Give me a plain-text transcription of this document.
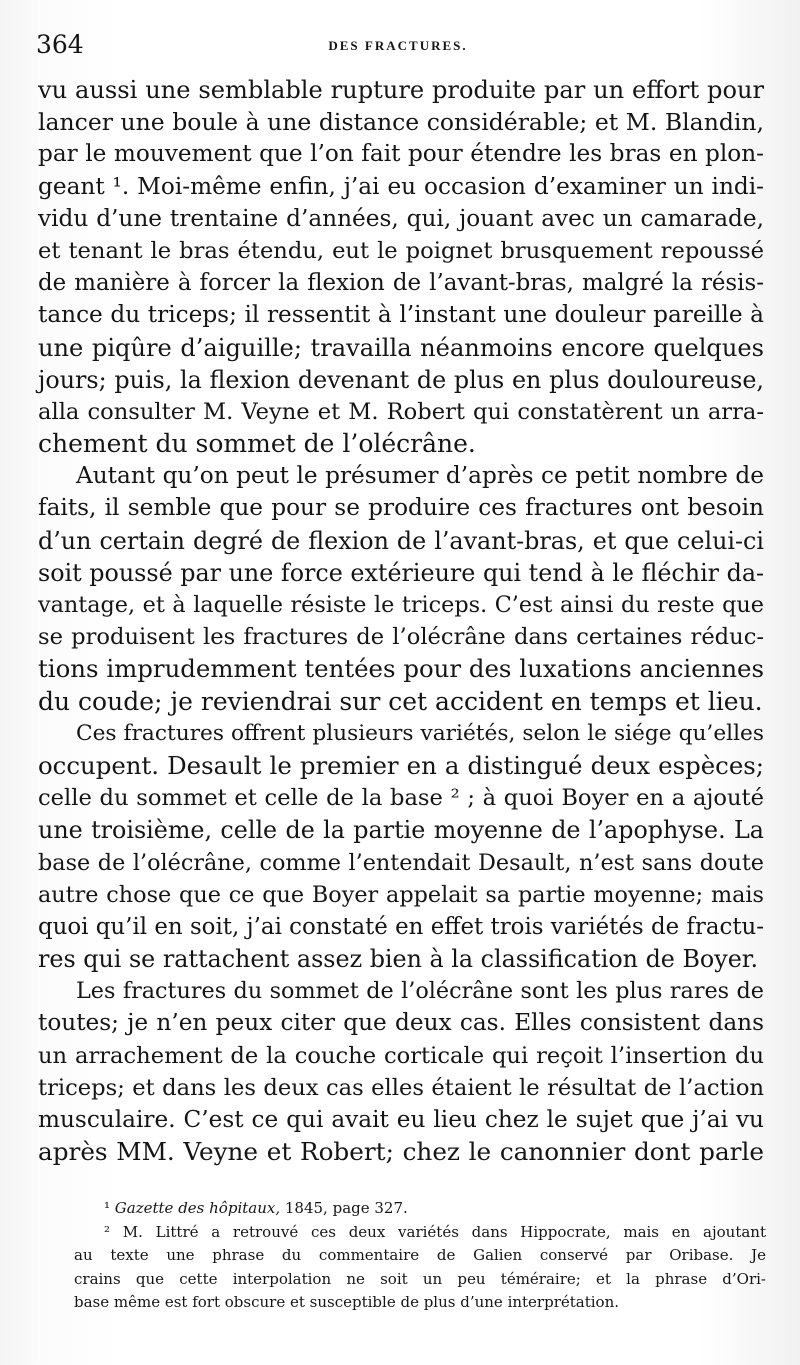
364	DES FRACTURES.
vu aussi une semblable rupture produite par un effort pour
lancer une boule à une distance considérable; et M. Blandin,
par le mouvement que l’on fait pour étendre les bras en plon-
geant ¹. Moi-même enfin, j’ai eu occasion d’examiner un indi-
vidu d’une trentaine d’années, qui, jouant avec un camarade,
et tenant le bras étendu, eut le poignet brusquement repoussé
de manière à forcer la flexion de l’avant-bras, malgré la résis-
tance du triceps; il ressentit à l’instant une douleur pareille à
une piqûre d’aiguille; travailla néanmoins encore quelques
jours; puis, la flexion devenant de plus en plus douloureuse,
alla consulter M. Veyne et M. Robert qui constatèrent un arra-
chement du sommet de l’olécrâne.
Autant qu’on peut le présumer d’après ce petit nombre de
faits, il semble que pour se produire ces fractures ont besoin
d’un certain degré de flexion de l’avant-bras, et que celui-ci
soit poussé par une force extérieure qui tend à le fléchir da-
vantage, et à laquelle résiste le triceps. C’est ainsi du reste que
se produisent les fractures de l’olécrâne dans certaines réduc-
tions imprudemment tentées pour des luxations anciennes
du coude; je reviendrai sur cet accident en temps et lieu.
Ces fractures offrent plusieurs variétés, selon le siége qu’elles
occupent. Desault le premier en a distingué deux espèces;
celle du sommet et celle de la base ² ; à quoi Boyer en a ajouté
une troisième, celle de la partie moyenne de l’apophyse. La
base de l’olécrâne, comme l’entendait Desault, n’est sans doute
autre chose que ce que Boyer appelait sa partie moyenne; mais
quoi qu’il en soit, j’ai constaté en effet trois variétés de fractu-
res qui se rattachent assez bien à la classification de Boyer.
Les fractures du sommet de l’olécrâne sont les plus rares de
toutes; je n’en peux citer que deux cas. Elles consistent dans
un arrachement de la couche corticale qui reçoit l’insertion du
triceps; et dans les deux cas elles étaient le résultat de l’action
musculaire. C’est ce qui avait eu lieu chez le sujet que j’ai vu
après MM. Veyne et Robert; chez le canonnier dont parle
¹ Gazette des hôpitaux, 1845, page 327.
² M. Littré a retrouvé ces deux variétés dans Hippocrate, mais en ajoutant
au texte une phrase du commentaire de Galien conservé par Oribase. Je
crains que cette interpolation ne soit un peu téméraire; et la phrase d’Ori-
base même est fort obscure et susceptible de plus d’une interprétation.
